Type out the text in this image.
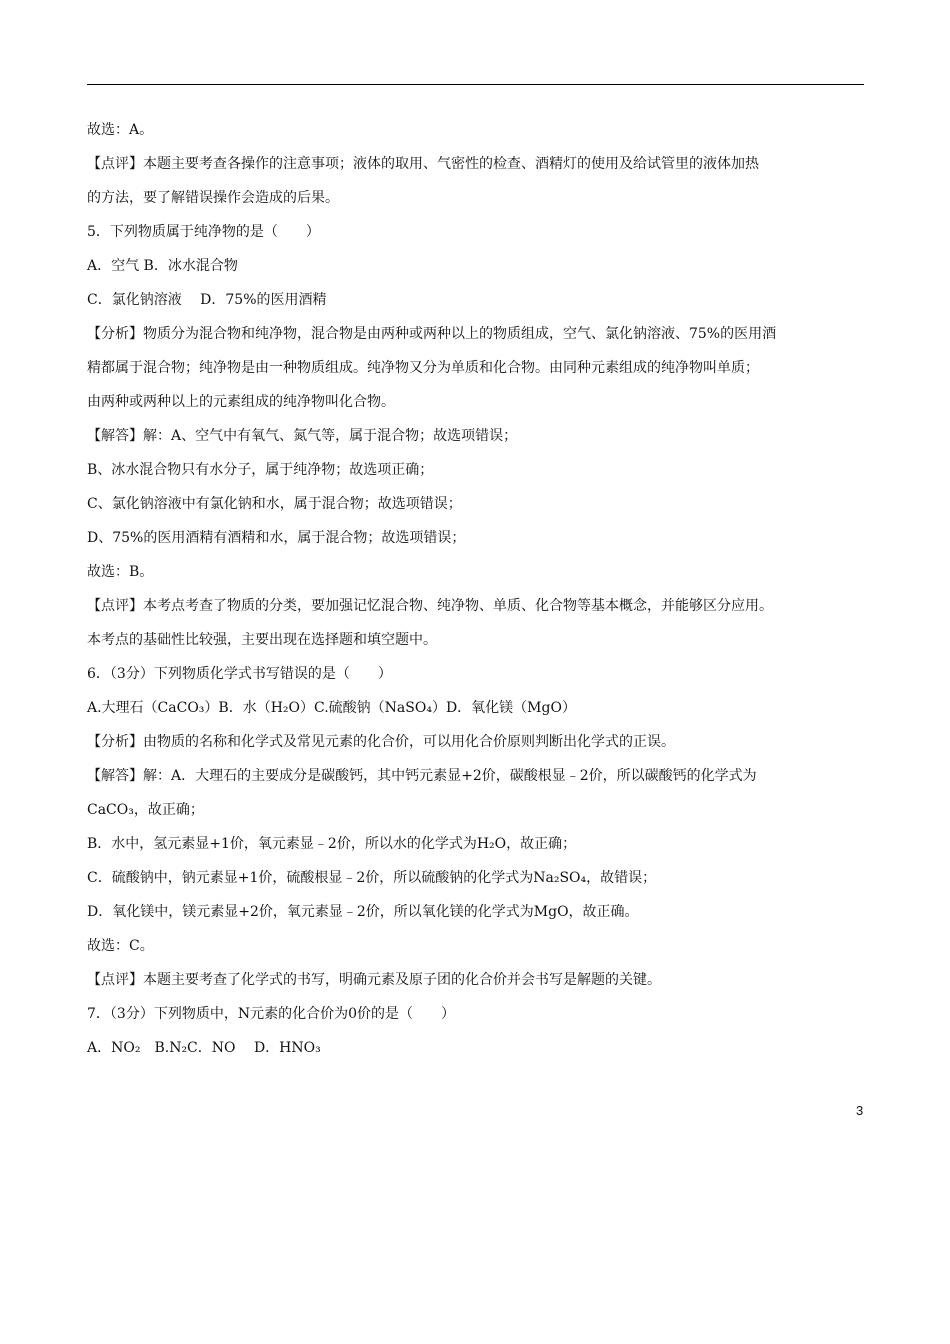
故选：A。
【点评】本题主要考查各操作的注意事项；液体的取用、气密性的检查、酒精灯的使用及给试管里的液体加热
的方法，要了解错误操作会造成的后果。
5．下列物质属于纯净物的是（　　）
A．空气 B．冰水混合物
C．氯化钠溶液　 D．75%的医用酒精
【分析】物质分为混合物和纯净物，混合物是由两种或两种以上的物质组成，空气、氯化钠溶液、75%的医用酒
精都属于混合物；纯净物是由一种物质组成。纯净物又分为单质和化合物。由同种元素组成的纯净物叫单质；
由两种或两种以上的元素组成的纯净物叫化合物。
【解答】解：A、空气中有氧气、氮气等，属于混合物；故选项错误；
B、冰水混合物只有水分子，属于纯净物；故选项正确；
C、氯化钠溶液中有氯化钠和水，属于混合物；故选项错误；
D、75%的医用酒精有酒精和水，属于混合物；故选项错误；
故选：B。
【点评】本考点考查了物质的分类，要加强记忆混合物、纯净物、单质、化合物等基本概念，并能够区分应用。
本考点的基础性比较强，主要出现在选择题和填空题中。
6．（3分）下列物质化学式书写错误的是（　　）
A.大理石（CaCO₃）B．水（H₂O）C.硫酸钠（NaSO₄）D．氧化镁（MgO）
【分析】由物质的名称和化学式及常见元素的化合价，可以用化合价原则判断出化学式的正误。
【解答】解：A．大理石的主要成分是碳酸钙，其中钙元素显+2价，碳酸根显﹣2价，所以碳酸钙的化学式为
CaCO₃，故正确；
B．水中，氢元素显+1价，氧元素显﹣2价，所以水的化学式为H₂O，故正确；
C．硫酸钠中，钠元素显+1价，硫酸根显﹣2价，所以硫酸钠的化学式为Na₂SO₄，故错误；
D．氧化镁中，镁元素显+2价，氧元素显﹣2价，所以氧化镁的化学式为MgO，故正确。
故选：C。
【点评】本题主要考查了化学式的书写，明确元素及原子团的化合价并会书写是解题的关键。
7．（3分）下列物质中，N元素的化合价为0价的是（　　）
A．NO₂　B.N₂C．NO　 D．HNO₃
3
